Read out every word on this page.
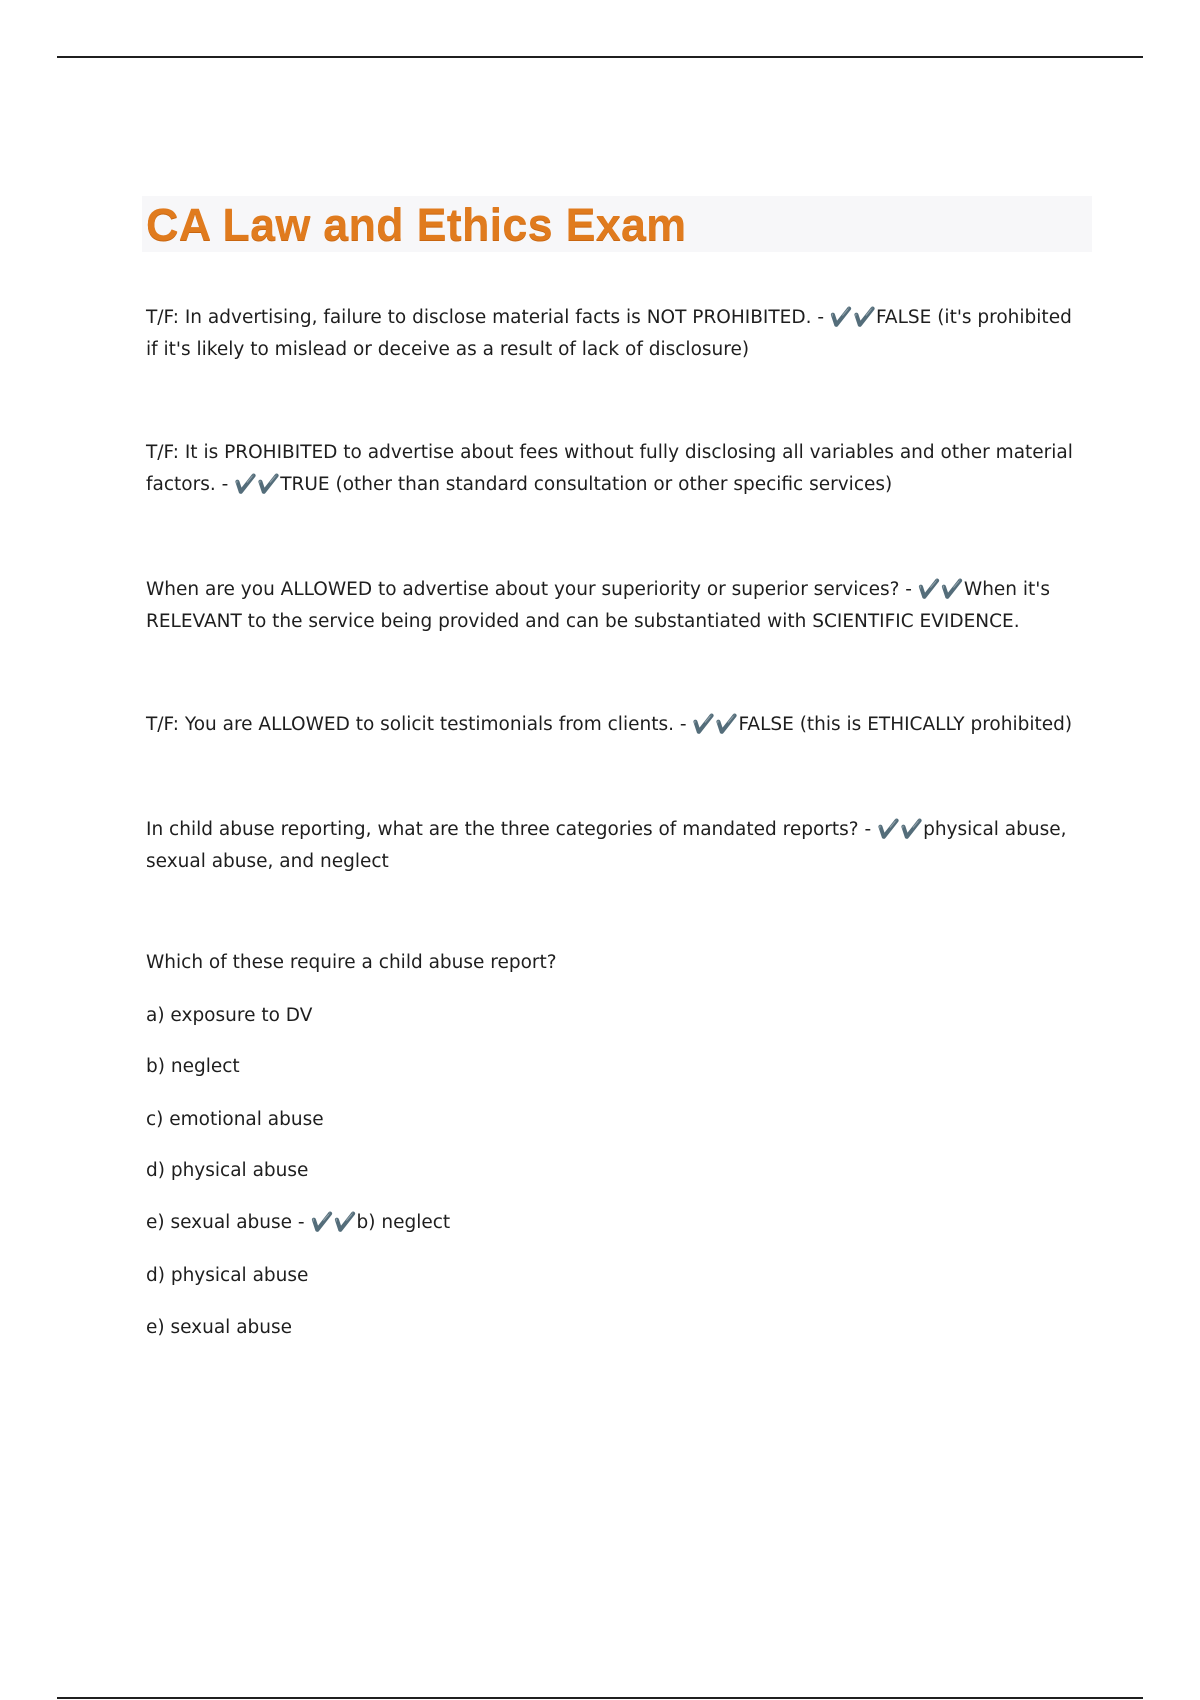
CA Law and Ethics Exam

T/F: In advertising, failure to disclose material facts is NOT PROHIBITED. - ✔️✔️FALSE (it's prohibited if it's likely to mislead or deceive as a result of lack of disclosure)

T/F: It is PROHIBITED to advertise about fees without fully disclosing all variables and other material factors. - ✔️✔️TRUE (other than standard consultation or other specific services)

When are you ALLOWED to advertise about your superiority or superior services? - ✔️✔️When it's RELEVANT to the service being provided and can be substantiated with SCIENTIFIC EVIDENCE.

T/F: You are ALLOWED to solicit testimonials from clients. - ✔️✔️FALSE (this is ETHICALLY prohibited)

In child abuse reporting, what are the three categories of mandated reports? - ✔️✔️physical abuse, sexual abuse, and neglect

Which of these require a child abuse report?

a) exposure to DV

b) neglect

c) emotional abuse

d) physical abuse

e) sexual abuse - ✔️✔️b) neglect

d) physical abuse

e) sexual abuse
